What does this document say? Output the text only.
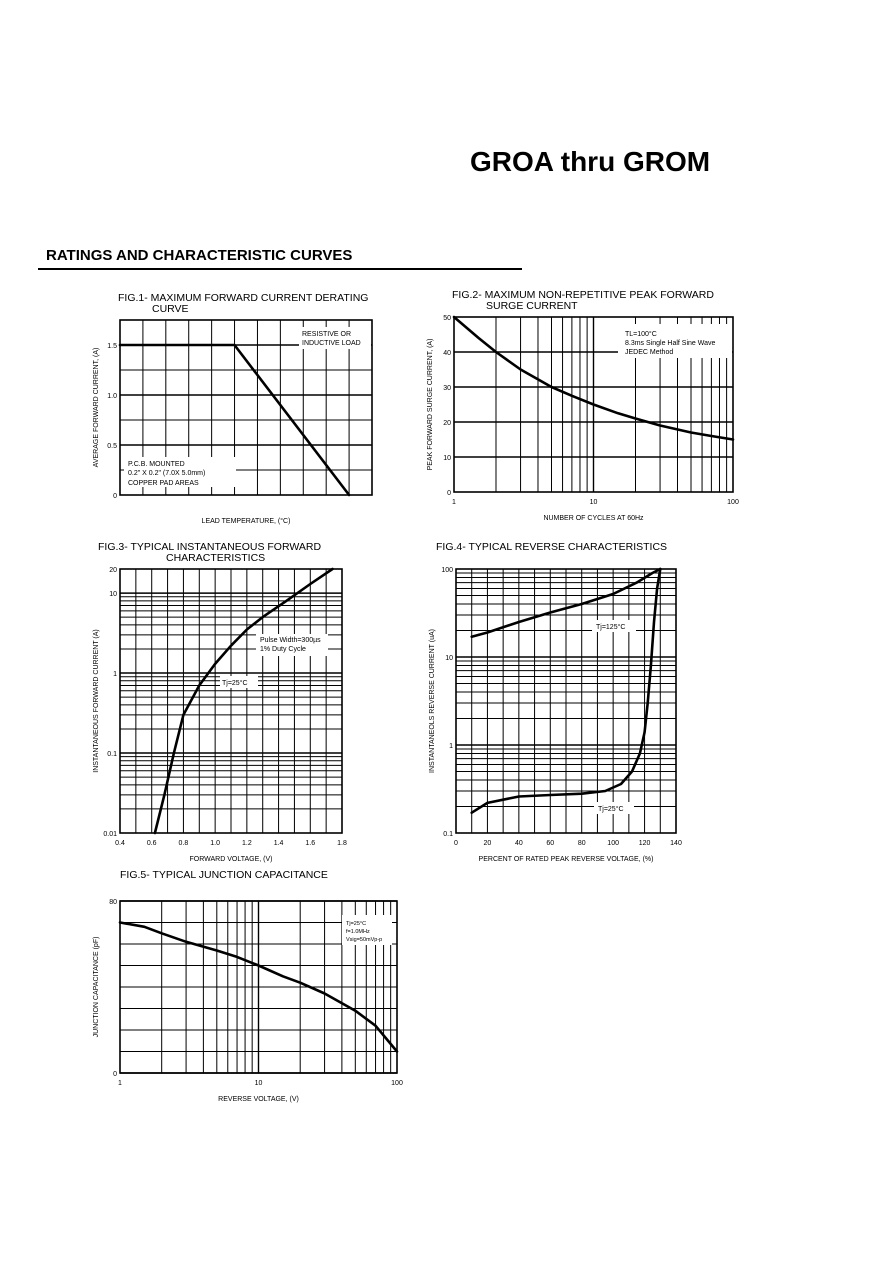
GROA thru GROM
RATINGS AND CHARACTERISTIC CURVES
FIG.1- MAXIMUM FORWARD CURRENT DERATING
CURVE
0
0.5
1.0
1.5
LEAD TEMPERATURE, (°C)
AVERAGE FORWARD CURRENT, (A)
RESISTIVE OR
INDUCTIVE LOAD
P.C.B. MOUNTED
0.2" X 0.2" (7.0X 5.0mm)
COPPER PAD AREAS
FIG.2- MAXIMUM NON-REPETITIVE PEAK FORWARD
SURGE CURRENT
1	10	100
0
10
20
30
40
50
NUMBER OF CYCLES AT 60Hz
PEAK FORWARD SURGE CURRENT, (A)
TL=100°C
8.3ms Single Half Sine Wave
JEDEC Method
FIG.3- TYPICAL INSTANTANEOUS FORWARD
CHARACTERISTICS
0.4	0.6	0.8	1.0	1.2	1.4	1.6	1.8
0.01
0.1
1
10
20
FORWARD VOLTAGE, (V)
INSTANTANEOUS FORWARD CURRENT (A)	Pulse Width=300µs
1% Duty Cycle
Tj=25°C
FIG.4- TYPICAL REVERSE CHARACTERISTICS
0	20	40	60	80	100	120	140
0.1
1
10
100
PERCENT OF RATED PEAK REVERSE VOLTAGE, (%)
INSTANTANEOLS REVERSE CURRENT (uA)
Tj=125°C
Tj=25°C
FIG.5- TYPICAL JUNCTION CAPACITANCE
1	10	100
0
80
REVERSE VOLTAGE, (V)
JUNCTION CAPACITANCE (pF)
Tj=25°C
f=1.0MHz
Vsig=50mVp-p
